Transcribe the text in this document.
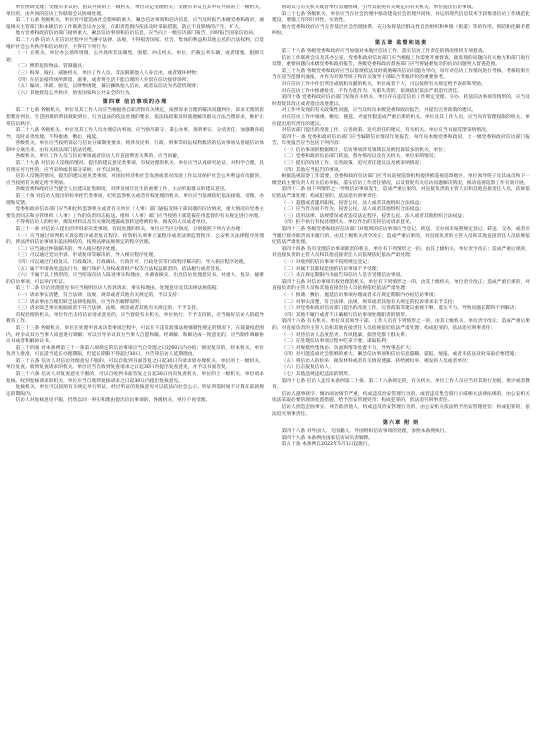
单位协调受理；受理有争议的，由其共同的上一级机关、单位决定受理机关；受理有争议且其中有共同的上一级机关、单位的，由共同的信访工作联席会议协调处理。

第二十五条 各级机关、单位对可能造成社会影响的重大、紧急信访事项和信访信息，应当及时报告本级党委和政府，通报相关主管部门和本级信访工作联席会议办公室，在职责范围内依法及时采取措施，防止不良影响的产生、扩大。

地方党委和政府信访部门接到重大、紧急信访事项和信访信息，应当向上一级信访部门报告，同时报告国家信访局。

第二十六条 信访人在信访过程中应当遵守法律、法规，不得损害国家、社会、集体的利益和其他公民的合法权利，自觉维护社会公共秩序和信访秩序，不得有下列行为：

（一）在机关、单位办公场所周围、公共场所非法聚集，围堵、冲击机关、单位，拦截公务车辆，或者堵塞、阻断交通；

（二）携带危险物品、管制器具；

（三）侮辱、殴打、威胁机关、单位工作人员，非法限制他人人身自由，或者毁坏财物；

（四）在信访接待场所滞留、滋事，或者将生活不能自理的人弃留在信访接待场所；

（五）煽动、串联、胁迫、以财物诱使、幕后操纵他人信访，或者以信访为名借机敛财；

（六）其他扰乱公共秩序、妨害国家和公共安全的行为。

第四章 信访事项的办理

第二十七条 各级机关、单位及其工作人员应当根据各自职责和有关规定，按照诉求合理的解决问题到位、诉求无理的思想教育到位、生活困难的帮扶救助到位、行为违法的依法处理的要求，依法按政策及时就地解决群众合法合理诉求，维护正常信访秩序。

第二十八条 各级机关、单位及其工作人员办理信访事项，应当恪尽职守、秉公办事，查明事实、分清责任，加强教育疏导，及时妥善处理，不得推诿、敷衍、拖延。

各级机关、单位应当按照诉讼与信访分离制度要求，将涉及民事、行政、刑事等诉讼权利救济的信访事项从普通信访体制中分离出来，由有关政法部门依法处理。

各级机关、单位工作人员与信访事项或者信访人有直接利害关系的，应当回避。

第二十九条 对信访人反映的情况、提出的建议意见类事项，有权处理的机关、单位应当认真研究论证。对科学合理、具有现实可行性的，应当采纳或者部分采纳，并予以回复。

信访人反映的情况、提出的建议意见类事项，对国民经济和社会发展或者对改进工作以及保护社会公共利益有贡献的，应当按照有关规定给予奖励。

各级党委和政府应当健全人民建议征集制度，对涉及国计民生的重要工作，主动听取群众的建议意见。

第三十条 对信访人提出的检举控告类事项，纪检监察机关或者有权处理的机关、单位应当依规依纪依法接收、受理、办理和反馈。

党委和政府信访部门应当和纪检监察机关或者有关单位（人事）部门通报反映干部问题的信访情况，重大情况向党委主要负责同志和分管组织（人事）工作的负责同志报送。组织（人事）部门应当按照干部选拔任用监督的有关规定进行办理。

不得将信访人的检举、揭发材料以及有关情况透露或者转送给被检举、揭发的人员或者单位。

第三十一条 对信访人提出的申诉求决类事项，有权处理的机关、单位应当区分情况，分别按照下列方式办理：

（一）应当通过审判机关诉讼程序或者复议程序、检察机关刑事立案程序或者法律监督程序、公安机关法律程序处理的，涉法涉诉信访事项未依法终结的，按照法律法规规定的程序处理。

（二）应当通过仲裁解决的，导入相应程序处理。

（三）可以通过党员申诉、申请复审等解决的，导入相应程序处理。

（四）可以通过行政复议、行政裁决、行政确认、行政许可、行政处罚等行政程序解决的，导入相应程序处理。

（五）属于申请查处违法行为、履行保护人身权或者财产权等合法权益职责的，依法履行或者答复。

（六）不属于以上情形的，应当听取信访人陈述事实和理由，并调查核实，出具信访处理意见书。对重大、复杂、疑难的信访事项，可以举行听证。

第三十二条 信访处理意见书应当载明信访人投诉请求、事实和理由、处理意见及其法律法规依据：

（一）请求事实清楚，符合法律、法规、规章或者其他有关规定的，予以支持；

（二）请求事由合理但缺乏法律依据的，应当作出解释说明；

（三）请求缺乏事实根据或者不符合法律、法规、规章或者其他有关规定的，不予支持。

有权处理的机关、单位作出支持信访请求意见的，应当督促有关机关、单位执行；不予支持的，应当做好信访人的疏导教育工作。

第三十三条 各级机关、单位在处理申诉求决类事项过程中，可以在不违反政策法规强制性规定的情况下，在裁量权范围内，经争议双方当事人同意进行调解；可以引导争议双方当事人自愿和解。经调解、和解达成一致意见的，应当制作调解协议书或者和解协议书。

第三十四条 对本条例第三十一条第六项规定的信访事项应当自受理之日起60日内办结；情况复杂的，经本机关、单位负责人批准，可以适当延长办理期限，但延长期限不得超过30日，并告知信访人延期理由。

第三十五条 信访人对信访处理意见不服的，可以自收到书面答复之日起30日内请求原办理机关、单位的上一级机关、单位复查。收到复查请求的机关、单位应当自收到复查请求之日起30日内提出复查意见，并予以书面答复。

第三十六条 信访人对复查意见不服的，可以自收到书面答复之日起30日内向复查机关、单位的上一级机关、单位请求复核。收到复核请求的机关、单位应当自收到复核请求之日起30日内提出复核意见。

复核机关、单位可以按照有关规定举行听证，经过听证的复核意见可以依法向社会公示。听证所需时间不计算在前款规定的期限内。

信访人对复核意见不服，仍然以同一事实和理由提出信访事项的，各级机关、单位不再受理。

帮助其与有关机关或者单位沟通协调，引导其依照有关规定向有关机关、单位提出信访事项。

第三十七条 各级机关、单位应当在社会治理中推动建设社会治理共同体，并运用现代信息技术手段推进信访工作规范化建设，增强工作的针对性、实效性。

地方党委和政府应当完善基层社会治理体系，充分发挥基层群众性自治组织和乡镇（街道）等的作用，预防和化解矛盾纠纷。

第五章 监督和追责

第三十八条 各级党委和政府应当加强对本地区信访工作、落实信访工作责任的情况组织专项督查。

信访工作联席会议及其办公室、党委和政府信访部门应当根据工作需要开展督查，就发现的问题向有关地方和部门进行反馈，重要问题向本级党委和政府报告。各级党委和政府督查部门应当将疑难复杂的信访问题列入督查范围。

第三十九条 各级党委和政府应当以依规依法及时就地解决信访问题为导向，每年对信访工作情况进行考核。考核结果应当在适当范围内通报，并作为对领导班子和有关领导干部综合考核评价的重要参考。

对在信访工作中作出突出成绩和贡献的机关、单位或者个人，可以按照有关规定给予表彰和奖励。

对在信访工作中推诿扯皮、不作为乱作为、失职失责的，依规依纪依法严肃追究责任。

第四十条 党委和政府信访部门发现有关机关、单位存在违反信访工作规定受理、交办、转送信访事项等情形的，应当及时督促其改正或者提出改进建议。

对工作中发现的有关政策性问题，应当及时向本级党委和政府报告，并提出完善政策的建议。

对在信访工作中推诿、敷衍、拖延、弄虚作假造成严重后果的机关、单位及其工作人员，应当向有管理权限的机关、单位提出追究责任的建议。

对信访部门提出的改进工作、完善政策、追究责任的建议，有关机关、单位应当书面反馈采纳情况。

第四十一条 党委和政府信访部门应当编制信访情况年度报告，每年向本级党委和政府、上一级党委和政府信访部门报告。年度报告应当包括下列内容：

（一）信访事项的数据统计、信访事项涉及领域以及被投诉较多的机关、单位；

（二）党委和政府信访部门转送、督办情况以及有关机关、单位采纳情况；

（三）提出的改进工作、完善政策、追究责任建议以及被采纳情况；

（四）其他应当报告的事项。

根据巡视巡察工作需要，党委和政府信访部门应当向巡视巡察机构提供被巡视巡察地区、单位领导班子及其成员和下一级党政主要负责人有关信访举报，落实信访工作责任情况，以及督促有关信访问题解决情况，推动巡视巡察工作有效开展。

第四十二条 因下列情形之一导致信访事项发生，造成严重后果的，对直接负责的主管人员和其他直接责任人员，依规依纪依法严肃处理；构成犯罪的，依法追究刑事责任：

（一）超越或者滥用职权，侵害公民、法人或者其他组织合法权益；

（二）应当作为而不作为，侵害公民、法人或者其他组织合法权益；

（三）适用法律、法规错误或者违反法定程序，侵害公民、法人或者其他组织合法权益；

（四）拒不执行有权处理机关、单位作出的支持信访请求意见。

第四十三条 各级党委和政府信访部门对收到的信访事项应当登记、转送、交办而未按照规定登记、转送、交办，或者应当履行督办职责而未履行的，由其上级机关责令改正；造成严重后果的，对直接负责的主管人员和其他直接责任人员依规依纪依法严肃处理。

第四十四条 负有受理信访事项职责的机关、单位有下列情形之一的，由其上级机关、单位责令改正；造成严重后果的，对直接负责的主管人员和其他直接责任人员依规依纪依法严肃处理：

（一）对收到的信访事项不按照规定登记；

（二）对属于其职权范围的信访事项不予受理；

（三）未在规定期限内书面告知信访人是否受理信访事项。

第四十五条 对信访事项有权处理的机关、单位有下列情形之一的，由其上级机关、单位责令改正；造成严重后果的，对直接负责的主管人员和其他直接责任人员依规依纪依法严肃处理：

（一）推诿、敷衍、拖延信访事项办理或者未在规定期限内办结信访事项；

（二）对事实清楚，符合法律、法规、规章或者其他有关规定的投诉请求未予支持；

（三）对党委和政府信访部门提出的改进工作、完善政策等建议重视不够、落实不力，导致问题长期得不到解决；

（四）其他不履行或者不正确履行信访事项处理职责的情形。

第四十六条 有关机关、单位及其领导干部、工作人员有下列情形之一的，由其上级机关、单位责令改正；造成严重后果的，对直接负责的主管人员和其他直接责任人员依规依纪依法严肃处理；构成犯罪的，依法追究刑事责任：

（一）对待信访人态度恶劣、作风粗暴，损害党群干群关系；

（二）在处理信访事项过程中吃拿卡要、谋取私利；

（三）对规模性集体访、负面舆情等处置不力，导致事态扩大；

（四）对可能造成社会影响的重大、紧急信访事项和信访信息隐瞒、谎报、缓报，或者未依法及时采取必要措施；

（五）将信访人的检举、揭发材料或者有关情况透露、转给被检举、揭发的人员或者单位；

（六）打击报复信访人；

（七）其他违规违纪违法的情形。

第四十七条 信访人违反本条例第二十条、第二十六条规定的，有关机关、单位工作人员应当对其进行劝阻、批评或者教育。

信访人滋事扰序、缠访闹访情节严重，构成违反治安管理行为的，或者违反集会游行示威相关法律法规的，由公安机关依法采取必要的现场处置措施、给予治安管理处罚；构成犯罪的，依法追究刑事责任。

信访人捏造歪曲事实、诬告陷害他人，构成违反治安管理行为的，由公安机关依法给予治安管理处罚；构成犯罪的，依法追究刑事责任。

第六章 附 则

第四十八条 对外国人、无国籍人、外国组织信访事项的处理，参照本条例执行。

第四十九条 本条例由国家信访局负责解释。

第五十条 本条例自2022年5月1日起施行。
